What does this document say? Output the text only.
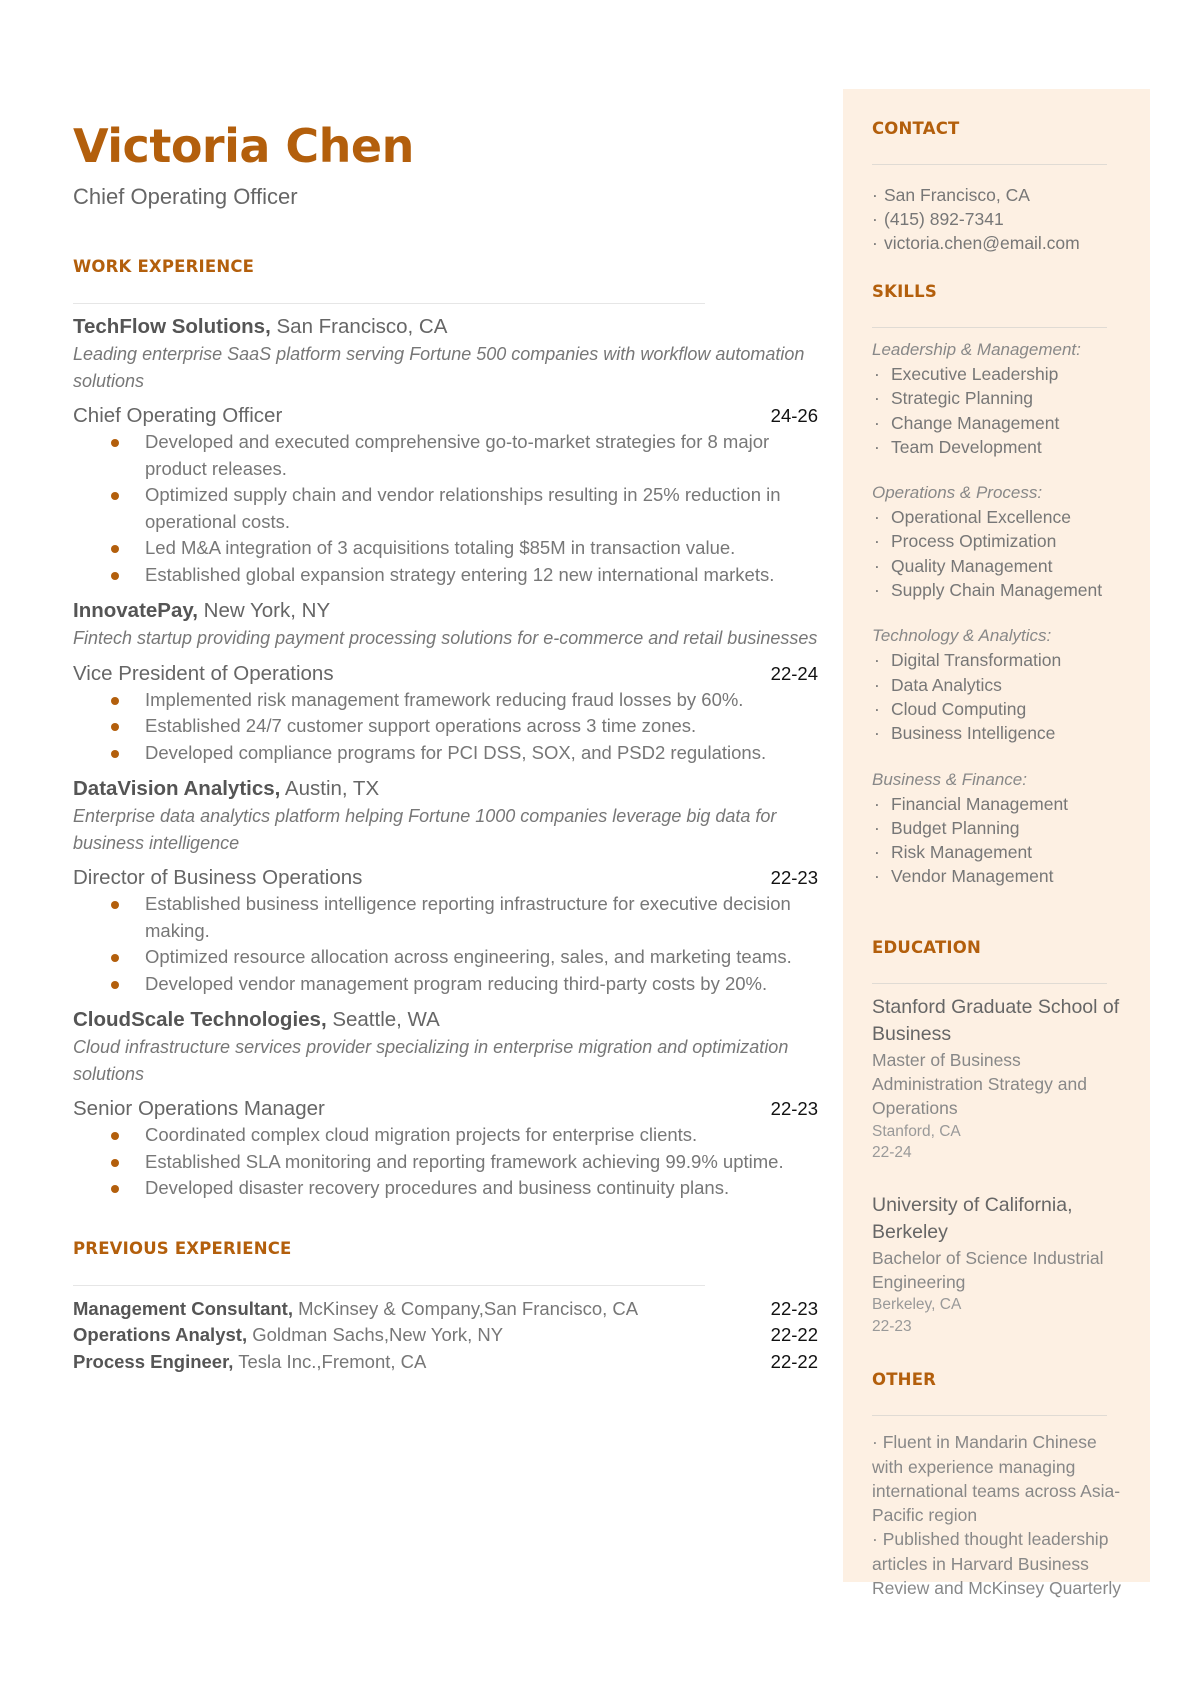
Victoria Chen
Chief Operating Officer
WORK EXPERIENCE
TechFlow Solutions, San Francisco, CA
Leading enterprise SaaS platform serving Fortune 500 companies with workflow automation solutions
Chief Operating Officer	24-26
Developed and executed comprehensive go-to-market strategies for 8 major product releases.
Optimized supply chain and vendor relationships resulting in 25% reduction in operational costs.
Led M&A integration of 3 acquisitions totaling $85M in transaction value.
Established global expansion strategy entering 12 new international markets.
InnovatePay, New York, NY
Fintech startup providing payment processing solutions for e-commerce and retail businesses
Vice President of Operations	22-24
Implemented risk management framework reducing fraud losses by 60%.
Established 24/7 customer support operations across 3 time zones.
Developed compliance programs for PCI DSS, SOX, and PSD2 regulations.
DataVision Analytics, Austin, TX
Enterprise data analytics platform helping Fortune 1000 companies leverage big data for business intelligence
Director of Business Operations	22-23
Established business intelligence reporting infrastructure for executive decision making.
Optimized resource allocation across engineering, sales, and marketing teams.
Developed vendor management program reducing third-party costs by 20%.
CloudScale Technologies, Seattle, WA
Cloud infrastructure services provider specializing in enterprise migration and optimization solutions
Senior Operations Manager	22-23
Coordinated complex cloud migration projects for enterprise clients.
Established SLA monitoring and reporting framework achieving 99.9% uptime.
Developed disaster recovery procedures and business continuity plans.
PREVIOUS EXPERIENCE
Management Consultant, McKinsey & Company,San Francisco, CA	22-23
Operations Analyst, Goldman Sachs,New York, NY	22-22
Process Engineer, Tesla Inc.,Fremont, CA	22-22
CONTACT
· San Francisco, CA
· (415) 892-7341
· victoria.chen@email.com
SKILLS
Leadership & Management:
· Executive Leadership
· Strategic Planning
· Change Management
· Team Development
Operations & Process:
· Operational Excellence
· Process Optimization
· Quality Management
· Supply Chain Management
Technology & Analytics:
· Digital Transformation
· Data Analytics
· Cloud Computing
· Business Intelligence
Business & Finance:
· Financial Management
· Budget Planning
· Risk Management
· Vendor Management
EDUCATION
Stanford Graduate School of Business
Master of Business Administration Strategy and Operations
Stanford, CA
22-24
University of California, Berkeley
Bachelor of Science Industrial Engineering
Berkeley, CA
22-23
OTHER

· Fluent in Mandarin Chinese with experience managing international teams across Asia-Pacific region

· Published thought leadership articles in Harvard Business Review and McKinsey Quarterly
